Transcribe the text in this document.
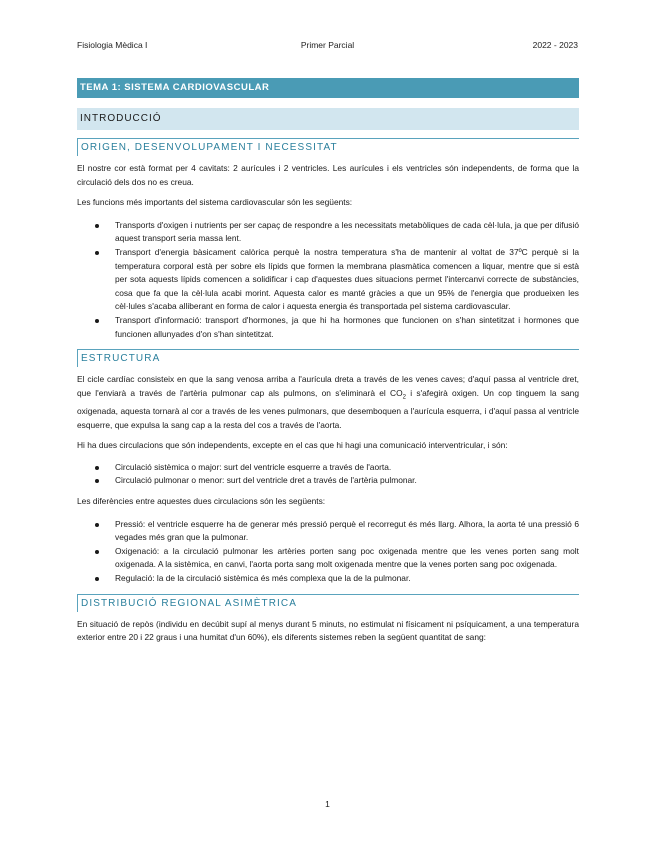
Fisiologia Mèdica I	Primer Parcial	2022 - 2023
TEMA 1: SISTEMA CARDIOVASCULAR
INTRODUCCIÓ
ORIGEN, DESENVOLUPAMENT I NECESSITAT

El nostre cor està format per 4 cavitats: 2 aurícules i 2 ventricles. Les aurícules i els ventricles són independents, de forma que la circulació dels dos no es creua.

Les funcions més importants del sistema cardiovascular són les següents:

Transports d'oxigen i nutrients per ser capaç de respondre a les necessitats metabòliques de cada cèl·lula, ja que per difusió aquest transport seria massa lent.
Transport d'energia bàsicament calòrica perquè la nostra temperatura s'ha de mantenir al voltat de 37ºC perquè si la temperatura corporal està per sobre els lípids que formen la membrana plasmàtica comencen a liquar, mentre que si està per sota aquests lípids comencen a solidificar i cap d'aquestes dues situacions permet l'intercanvi correcte de substàncies, cosa que fa que la cèl·lula acabi morint. Aquesta calor es manté gràcies a que un 95% de l'energia que produeixen les cèl·lules s'acaba alliberant en forma de calor i aquesta energia és transportada pel sistema cardiovascular.
Transport d'informació: transport d'hormones, ja que hi ha hormones que funcionen on s'han sintetitzat i hormones que funcionen allunyades d'on s'han sintetitzat.
ESTRUCTURA

El cicle cardíac consisteix en que la sang venosa arriba a l'aurícula dreta a través de les venes caves; d'aquí passa al ventricle dret, que l'enviarà a través de l'artèria pulmonar cap als pulmons, on s'eliminarà el $CO_2$ i s'afegirà oxigen. Un cop tinguem la sang oxigenada, aquesta tornarà al cor a través de les venes pulmonars, que desemboquen a l'aurícula esquerra, i d'aquí passa al ventricle esquerre, que expulsa la sang cap a la resta del cos a través de l'aorta.

Hi ha dues circulacions que són independents, excepte en el cas que hi hagi una comunicació interventricular, i són:

Circulació sistèmica o major: surt del ventricle esquerre a través de l'aorta.
Circulació pulmonar o menor: surt del ventricle dret a través de l'artèria pulmonar.

Les diferències entre aquestes dues circulacions són les següents:

Pressió: el ventricle esquerre ha de generar més pressió perquè el recorregut és més llarg. Alhora, la aorta té una pressió 6 vegades més gran que la pulmonar.
Oxigenació: a la circulació pulmonar les artèries porten sang poc oxigenada mentre que les venes porten sang molt oxigenada. A la sistèmica, en canvi, l'aorta porta sang molt oxigenada mentre que la venes porten sang poc oxigenada.
Regulació: la de la circulació sistèmica és més complexa que la de la pulmonar.
DISTRIBUCIÓ REGIONAL ASIMÈTRICA

En situació de repòs (individu en decúbit supí al menys durant 5 minuts, no estimulat ni físicament ni psíquicament, a una temperatura exterior entre 20 i 22 graus i una humitat d'un 60%), els diferents sistemes reben la següent quantitat de sang:

1
